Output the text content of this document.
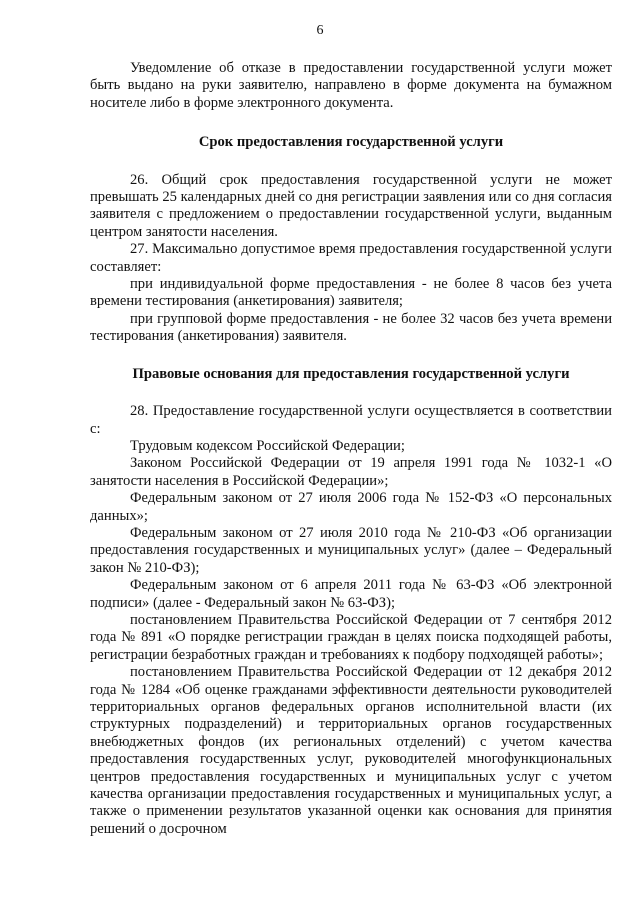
6

Уведомление об отказе в предоставлении государственной услуги может быть выдано на руки заявителю, направлено в форме документа на бумажном носителе либо в форме электронного документа.

Срок предоставления государственной услуги

26. Общий срок предоставления государственной услуги не может превышать 25 календарных дней со дня регистрации заявления или со дня согласия заявителя с предложением о предоставлении государственной услуги, выданным центром занятости населения.

27. Максимально допустимое время предоставления государственной услуги составляет:

при индивидуальной форме предоставления - не более 8 часов без учета времени тестирования (анкетирования) заявителя;

при групповой форме предоставления - не более 32 часов без учета времени тестирования (анкетирования) заявителя.

Правовые основания для предоставления государственной услуги

28. Предоставление государственной услуги осуществляется в соответствии с:

Трудовым кодексом Российской Федерации;

Законом Российской Федерации от 19 апреля 1991 года № 1032-1 «О занятости населения в Российской Федерации»;

Федеральным законом от 27 июля 2006 года № 152-ФЗ «О персональных данных»;

Федеральным законом от 27 июля 2010 года № 210-ФЗ «Об организации предоставления государственных и муниципальных услуг» (далее – Федеральный закон № 210-ФЗ);

Федеральным законом от 6 апреля 2011 года № 63-ФЗ «Об электронной подписи» (далее - Федеральный закон № 63-ФЗ);

постановлением Правительства Российской Федерации от 7 сентября 2012 года № 891 «О порядке регистрации граждан в целях поиска подходящей работы, регистрации безработных граждан и требованиях к подбору подходящей работы»;

постановлением Правительства Российской Федерации от 12 декабря 2012 года № 1284 «Об оценке гражданами эффективности деятельности руководителей территориальных органов федеральных органов исполнительной власти (их структурных подразделений) и территориальных органов государственных внебюджетных фондов (их региональных отделений) с учетом качества предоставления государственных услуг, руководителей многофункциональных центров предоставления государственных и муниципальных услуг с учетом качества организации предоставления государственных и муниципальных услуг, а также о применении результатов указанной оценки как основания для принятия решений о досрочном
